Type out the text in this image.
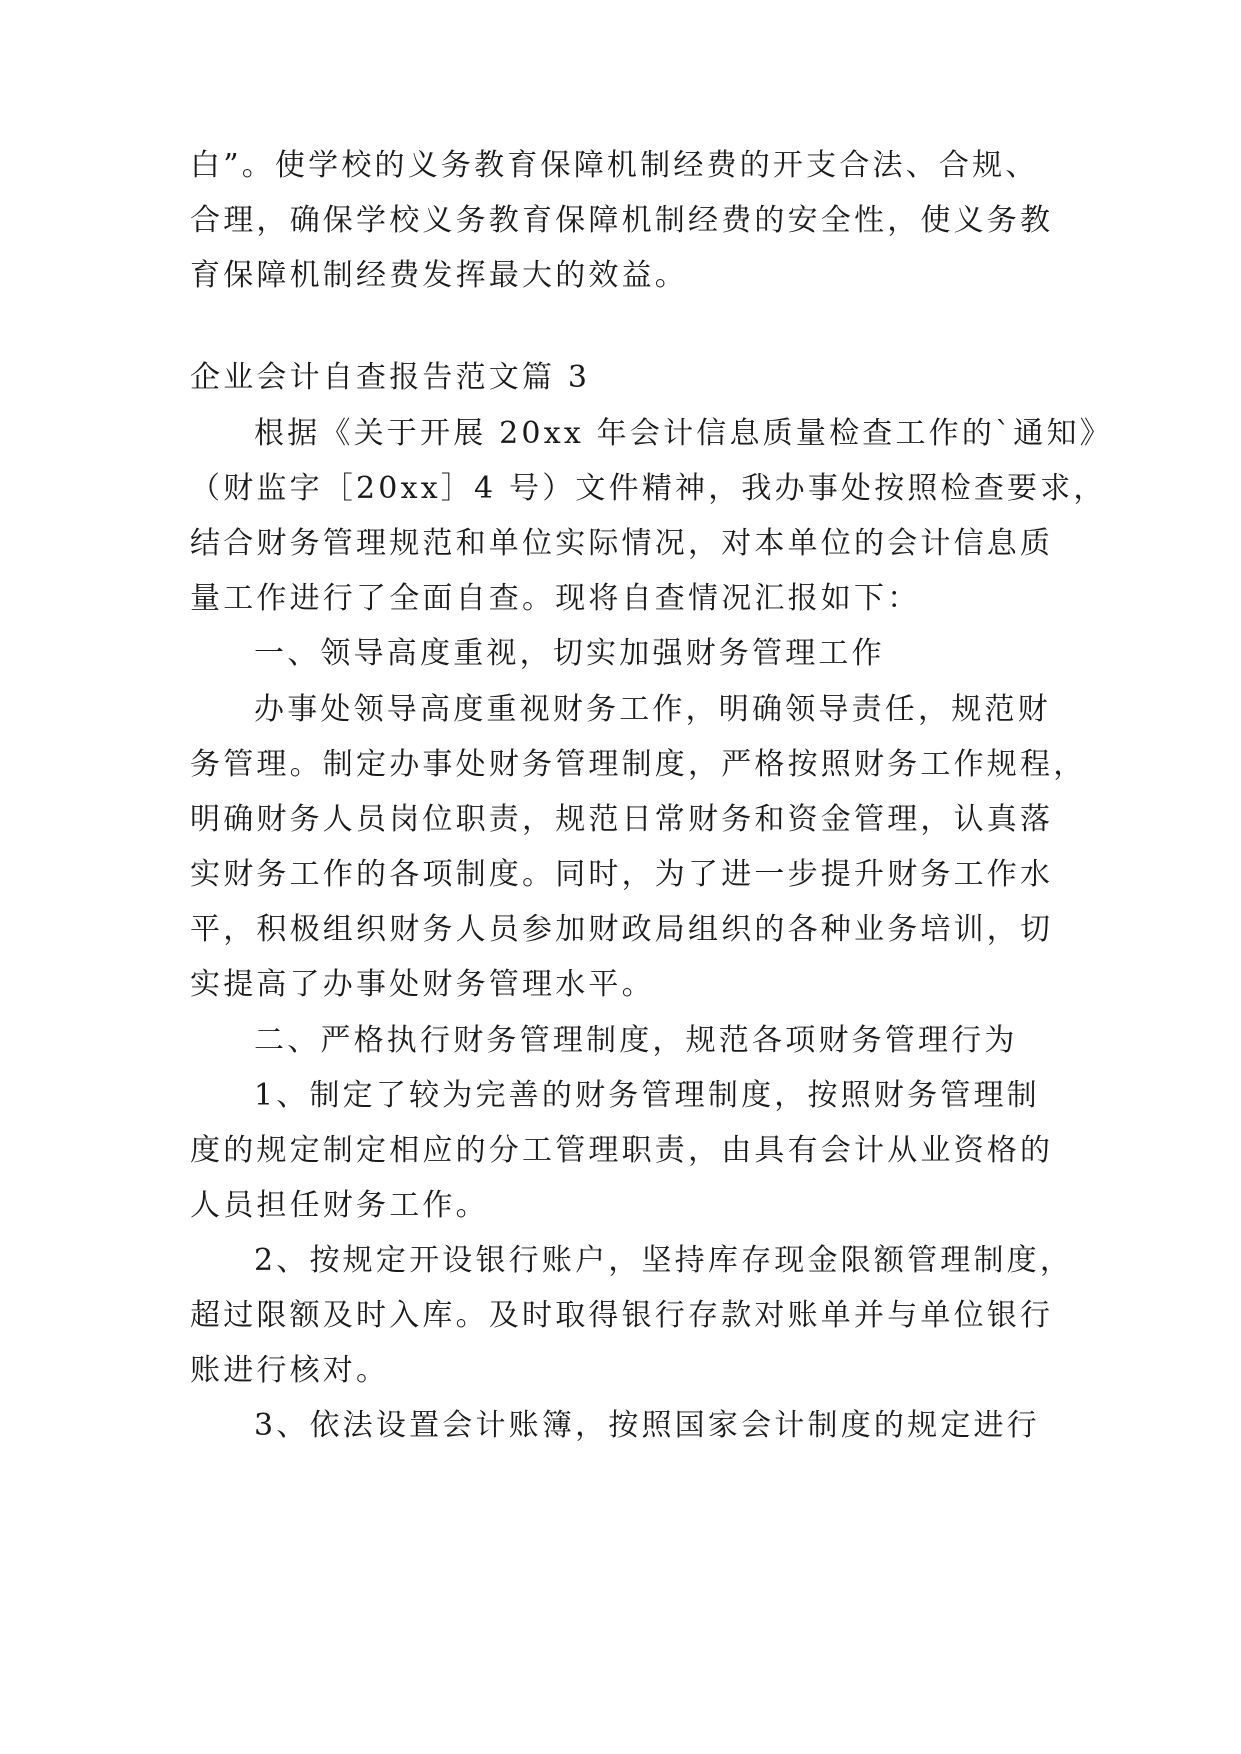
白”。使学校的义务教育保障机制经费的开支合法、合规、
合理，确保学校义务教育保障机制经费的安全性，使义务教
育保障机制经费发挥最大的效益。
企业会计自查报告范文篇 3
根据《关于开展 20xx 年会计信息质量检查工作的`通知》
（财监字［20xx］4 号）文件精神，我办事处按照检查要求，
结合财务管理规范和单位实际情况，对本单位的会计信息质
量工作进行了全面自查。现将自查情况汇报如下：
一、领导高度重视，切实加强财务管理工作
办事处领导高度重视财务工作，明确领导责任，规范财
务管理。制定办事处财务管理制度，严格按照财务工作规程，
明确财务人员岗位职责，规范日常财务和资金管理，认真落
实财务工作的各项制度。同时，为了进一步提升财务工作水
平，积极组织财务人员参加财政局组织的各种业务培训，切
实提高了办事处财务管理水平。
二、严格执行财务管理制度，规范各项财务管理行为
1、制定了较为完善的财务管理制度，按照财务管理制
度的规定制定相应的分工管理职责，由具有会计从业资格的
人员担任财务工作。
2、按规定开设银行账户，坚持库存现金限额管理制度，
超过限额及时入库。及时取得银行存款对账单并与单位银行
账进行核对。
3、依法设置会计账簿，按照国家会计制度的规定进行
